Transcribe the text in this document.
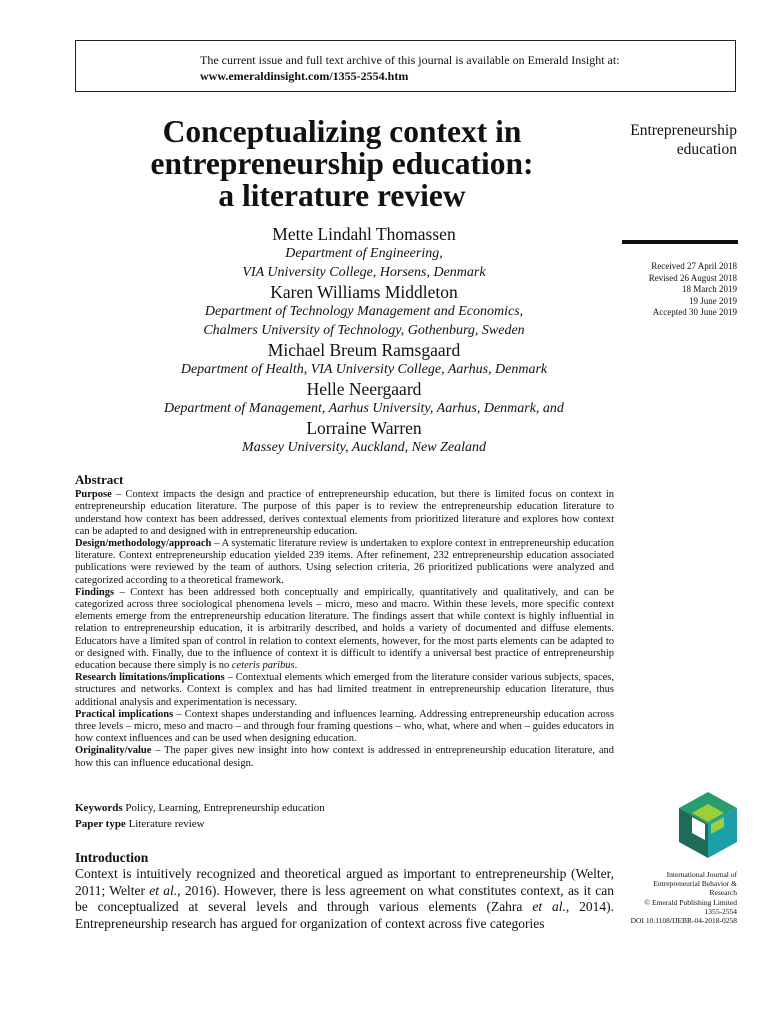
The current issue and full text archive of this journal is available on Emerald Insight at:
www.emeraldinsight.com/1355-2554.htm
Conceptualizing context in
entrepreneurship education:
a literature review
Mette Lindahl Thomassen
Department of Engineering,
VIA University College, Horsens, Denmark
Karen Williams Middleton
Department of Technology Management and Economics,
Chalmers University of Technology, Gothenburg, Sweden
Michael Breum Ramsgaard
Department of Health, VIA University College, Aarhus, Denmark
Helle Neergaard
Department of Management, Aarhus University, Aarhus, Denmark, and
Lorraine Warren
Massey University, Auckland, New Zealand
Entrepreneurship
education
Received 27 April 2018
Revised 26 August 2018
18 March 2019
19 June 2019
Accepted 30 June 2019
Abstract

Purpose – Context impacts the design and practice of entrepreneurship education, but there is limited focus on context in entrepreneurship education literature. The purpose of this paper is to review the entrepreneurship education literature to understand how context has been addressed, derives contextual elements from prioritized literature and explores how context can be adapted to and designed with in entrepreneurship education.

Design/methodology/approach – A systematic literature review is undertaken to explore context in entrepreneurship education literature. Context entrepreneurship education yielded 239 items. After refinement, 232 entrepreneurship education associated publications were reviewed by the team of authors. Using selection criteria, 26 prioritized publications were analyzed and categorized according to a theoretical framework.

Findings – Context has been addressed both conceptually and empirically, quantitatively and qualitatively, and can be categorized across three sociological phenomena levels – micro, meso and macro. Within these levels, more specific context elements emerge from the entrepreneurship education literature. The findings assert that while context is highly influential in relation to entrepreneurship education, it is arbitrarily described, and holds a variety of documented and diffuse elements. Educators have a limited span of control in relation to context elements, however, for the most parts elements can be adapted to or designed with. Finally, due to the influence of context it is difficult to identify a universal best practice of entrepreneurship education because there simply is no ceteris paribus.

Research limitations/implications – Contextual elements which emerged from the literature consider various subjects, spaces, structures and networks. Context is complex and has had limited treatment in entrepreneurship education literature, thus additional analysis and experimentation is necessary.

Practical implications – Context shapes understanding and influences learning. Addressing entrepreneurship education across three levels – micro, meso and macro – and through four framing questions – who, what, where and when – guides educators in how context influences and can be used when designing education.

Originality/value – The paper gives new insight into how context is addressed in entrepreneurship education literature, and how this can influence educational design.

Keywords Policy, Learning, Entrepreneurship education
Paper type Literature review
Introduction
Context is intuitively recognized and theoretical argued as important to entrepreneurship (Welter, 2011; Welter et al., 2016). However, there is less agreement on what constitutes context, as it can be conceptualized at several levels and through various elements (Zahra et al., 2014). Entrepreneurship research has argued for organization of context across five categories
International Journal of
Entrepreneurial Behavior &
Research
© Emerald Publishing Limited
1355-2554
DOI 10.1108/IJEBR-04-2018-0258
